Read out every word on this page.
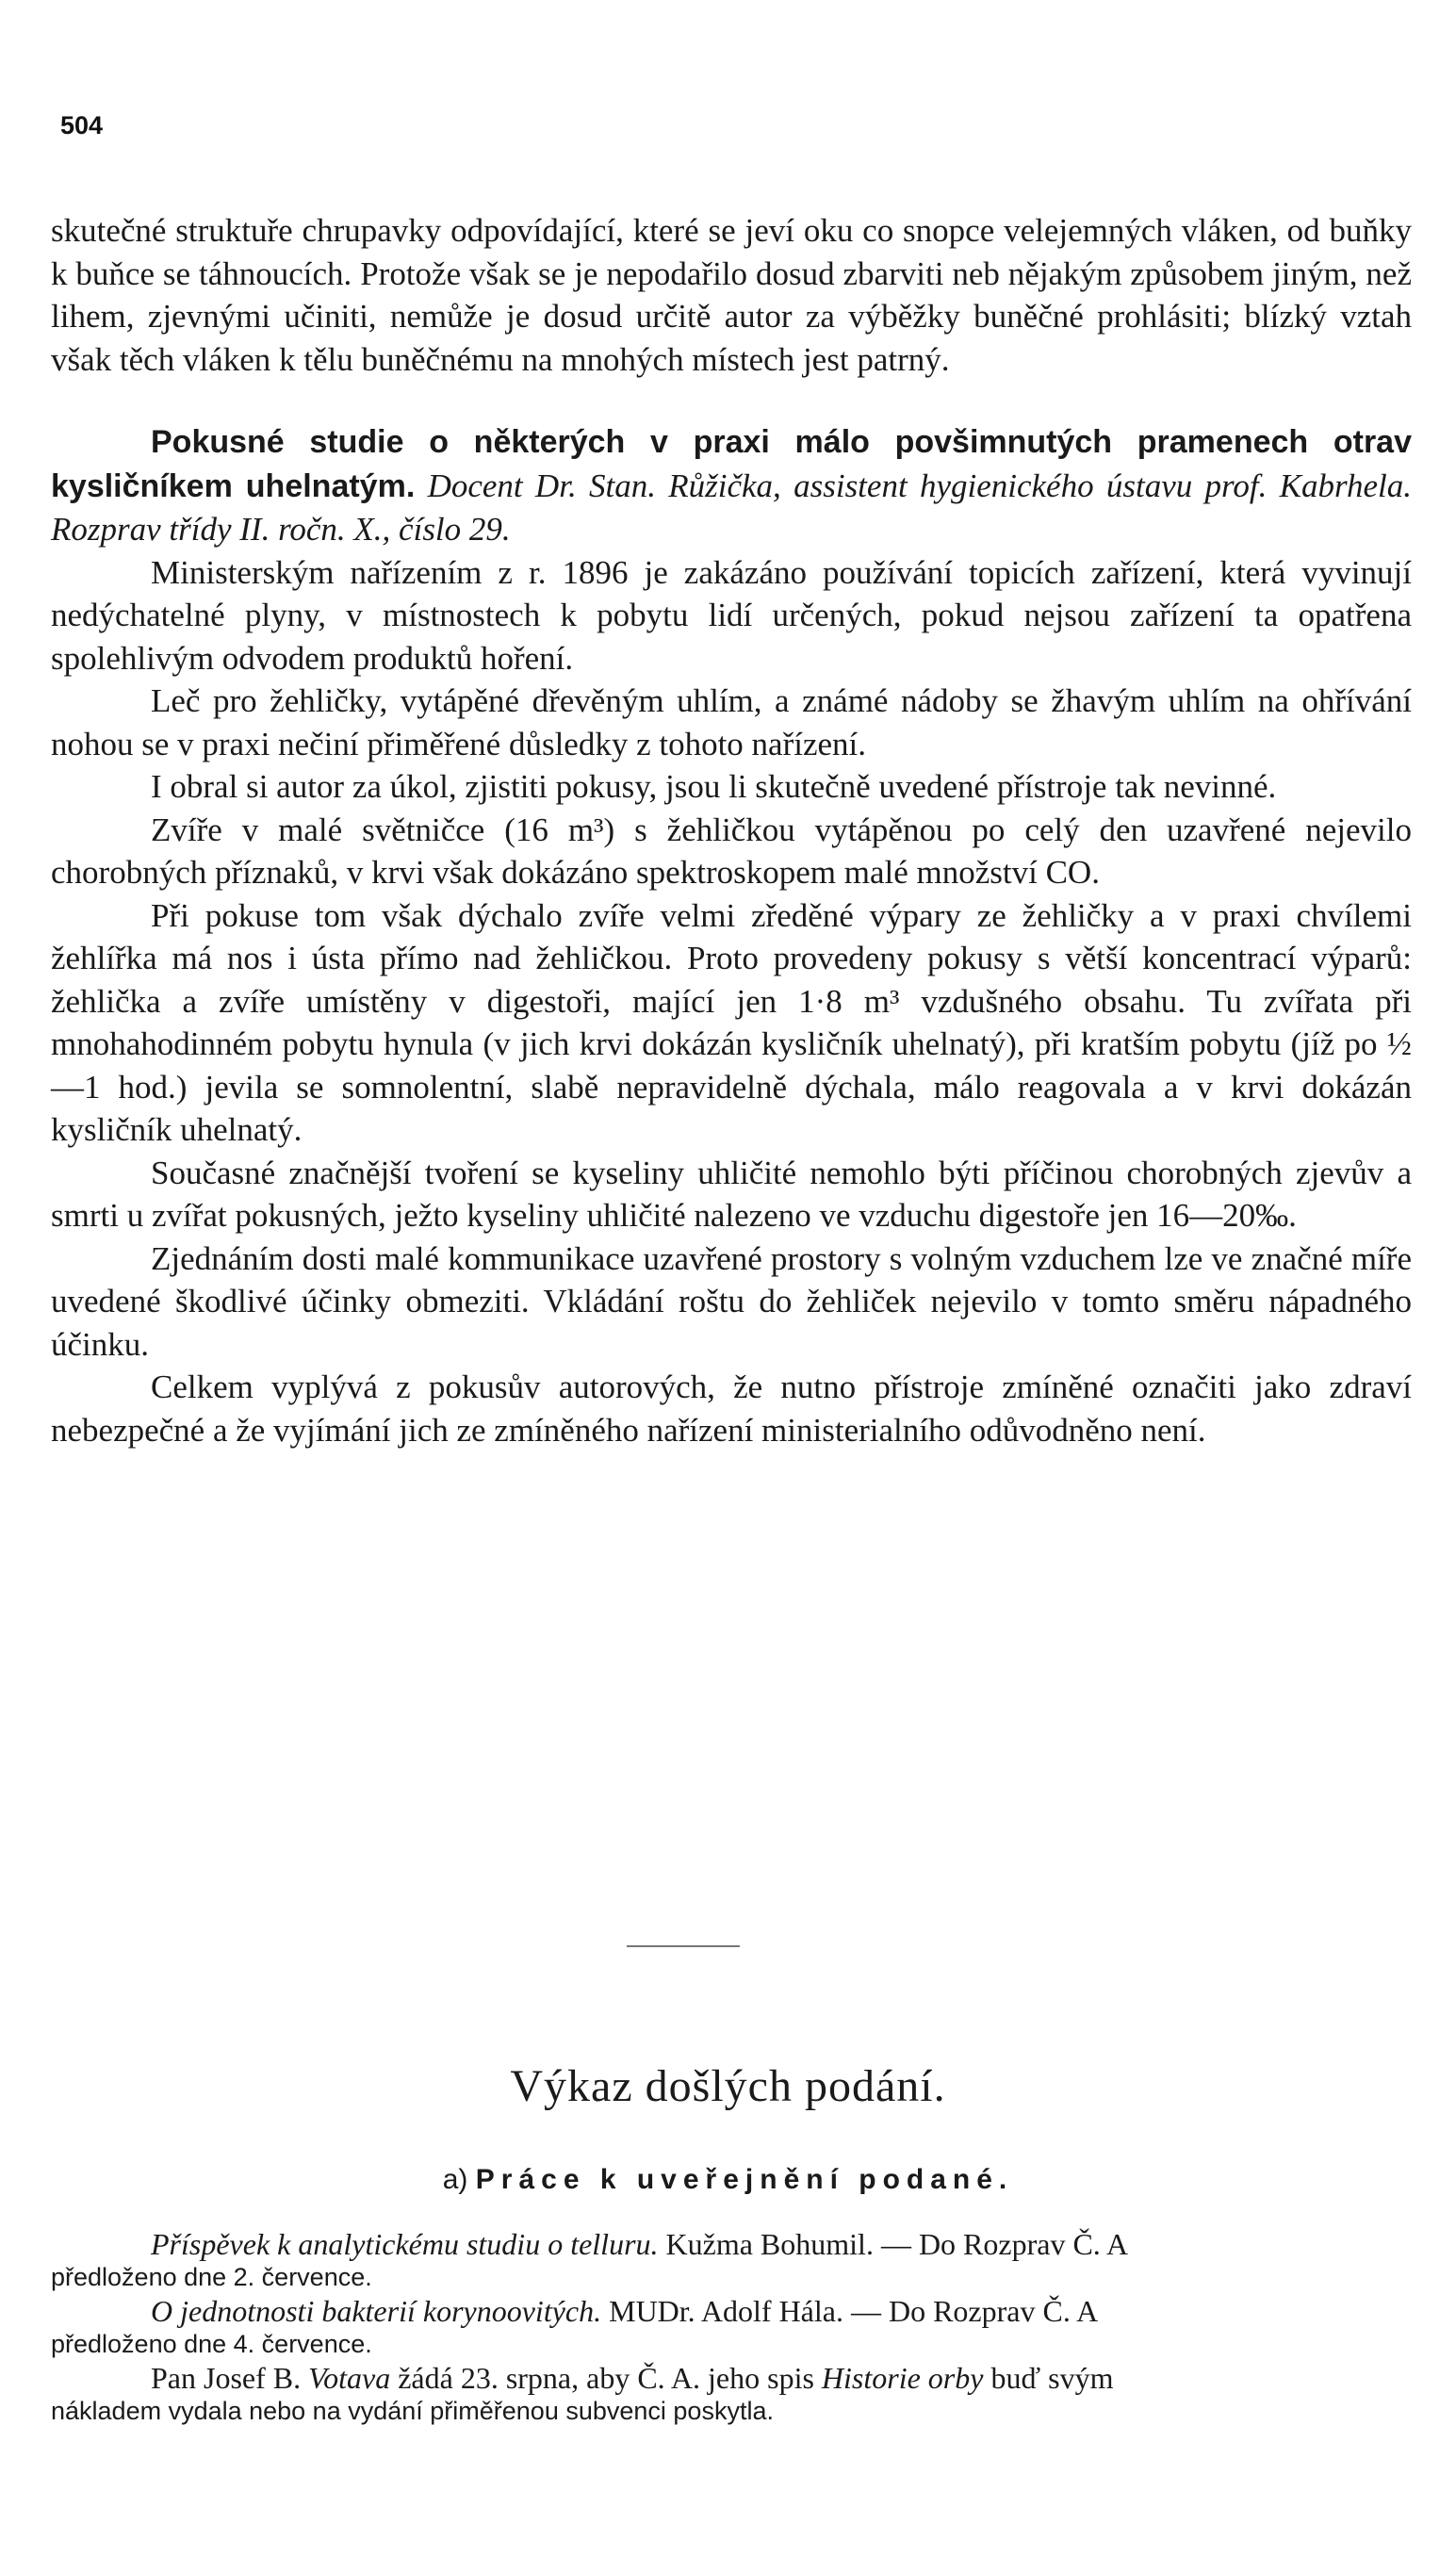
504

skutečné struktuře chrupavky odpovídající, které se jeví oku co snopce velejemných vláken, od buňky k buňce se táhnoucích. Protože však se je nepodařilo dosud zbarviti neb nějakým způsobem jiným, než lihem, zjevnými učiniti, nemůže je dosud určitě autor za výběžky buněčné prohlásiti; blízký vztah však těch vláken k tělu buněčnému na mnohých místech jest patrný.

Pokusné studie o některých v praxi málo povšimnutých pramenech otrav kysličníkem uhelnatým. Docent Dr. Stan. Růžička, assistent hygienického ústavu prof. Kabrhela. Rozprav třídy II. ročn. X., číslo 29.

Ministerským nařízením z r. 1896 je zakázáno používání topicích zařízení, která vyvinují nedýchatelné plyny, v místnostech k pobytu lidí určených, pokud nejsou zařízení ta opatřena spolehlivým odvodem produktů hoření.

Leč pro žehličky, vytápěné dřevěným uhlím, a známé nádoby se žhavým uhlím na ohřívání nohou se v praxi nečiní přiměřené důsledky z tohoto nařízení.

I obral si autor za úkol, zjistiti pokusy, jsou li skutečně uvedené přístroje tak nevinné.

Zvíře v malé světničce (16 m³) s žehličkou vytápěnou po celý den uzavřené nejevilo chorobných příznaků, v krvi však dokázáno spektroskopem malé množství CO.

Při pokuse tom však dýchalo zvíře velmi zředěné výpary ze žehličky a v praxi chvílemi žehlířka má nos i ústa přímo nad žehličkou. Proto provedeny pokusy s větší koncentrací výparů: žehlička a zvíře umístěny v digestoři, mající jen 1·8 m³ vzdušného obsahu. Tu zvířata při mnohahodinném pobytu hynula (v jich krvi dokázán kysličník uhelnatý), při kratším pobytu (jíž po ½—1 hod.) jevila se somnolentní, slabě nepravidelně dýchala, málo reagovala a v krvi dokázán kysličník uhelnatý.

Současné značnější tvoření se kyseliny uhličité nemohlo býti příčinou chorobných zjevův a smrti u zvířat pokusných, ježto kyseliny uhličité nalezeno ve vzduchu digestoře jen 16—20‰.

Zjednáním dosti malé kommunikace uzavřené prostory s volným vzduchem lze ve značné míře uvedené škodlivé účinky obmeziti. Vkládání roštu do žehliček nejevilo v tomto směru nápadného účinku.

Celkem vyplývá z pokusův autorových, že nutno přístroje zmíněné označiti jako zdraví nebezpečné a že vyjímání jich ze zmíněného nařízení ministerialního odůvodněno není.

Výkaz došlých podání.
a) Práce k uveřejnění podané.

Příspěvek k analytickému studiu o telluru. Kužma Bohumil. — Do Rozprav Č. A

předloženo dne 2. července.

O jednotnosti bakterií korynoovitých. MUDr. Adolf Hála. — Do Rozprav Č. A

předloženo dne 4. července.

Pan Josef B. Votava žádá 23. srpna, aby Č. A. jeho spis Historie orby buď svým

nákladem vydala nebo na vydání přiměřenou subvenci poskytla.
